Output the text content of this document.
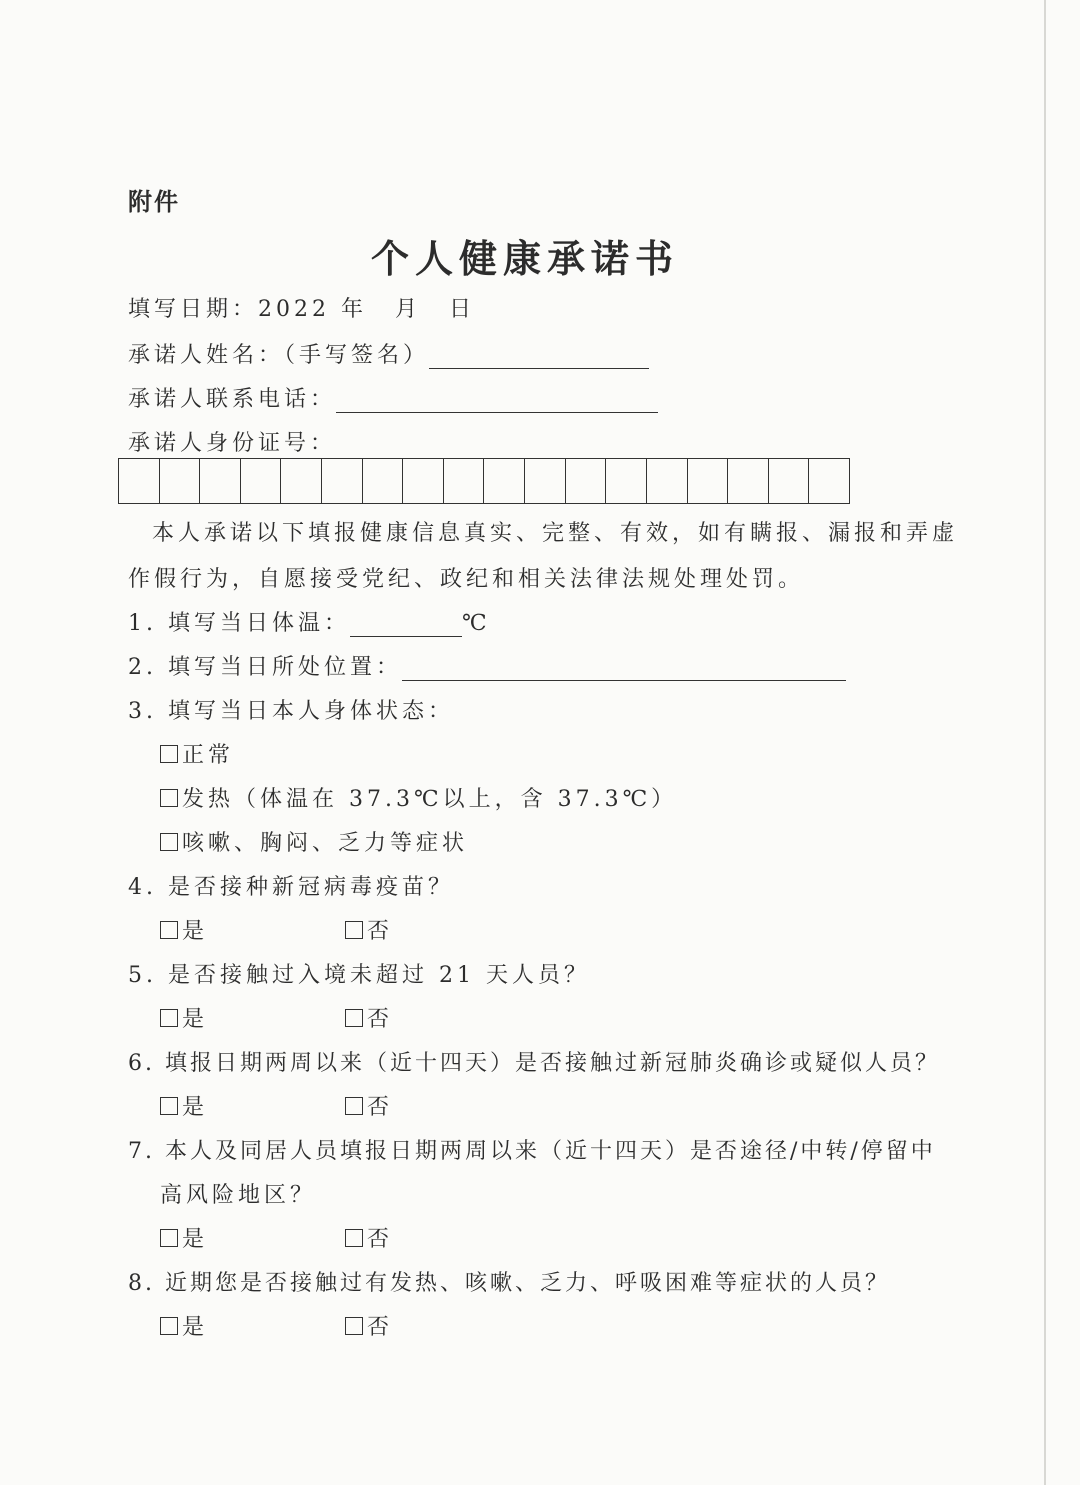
附件
个人健康承诺书
填写日期：2022 年 月 日
承诺人姓名：（手写签名）
承诺人联系电话：
承诺人身份证号：
本人承诺以下填报健康信息真实、完整、有效，如有瞒报、漏报和弄虚
作假行为，自愿接受党纪、政纪和相关法律法规处理处罚。
1. 填写当日体温：	℃
2. 填写当日所处位置：
3. 填写当日本人身体状态：
正常
发热（体温在 37.3℃以上，含 37.3℃）
咳嗽、胸闷、乏力等症状
4. 是否接种新冠病毒疫苗？
是	否
5. 是否接触过入境未超过 21 天人员？
是	否
6. 填报日期两周以来（近十四天）是否接触过新冠肺炎确诊或疑似人员？
是	否
7. 本人及同居人员填报日期两周以来（近十四天）是否途径/中转/停留中
高风险地区？
是	否
8. 近期您是否接触过有发热、咳嗽、乏力、呼吸困难等症状的人员？
是	否
